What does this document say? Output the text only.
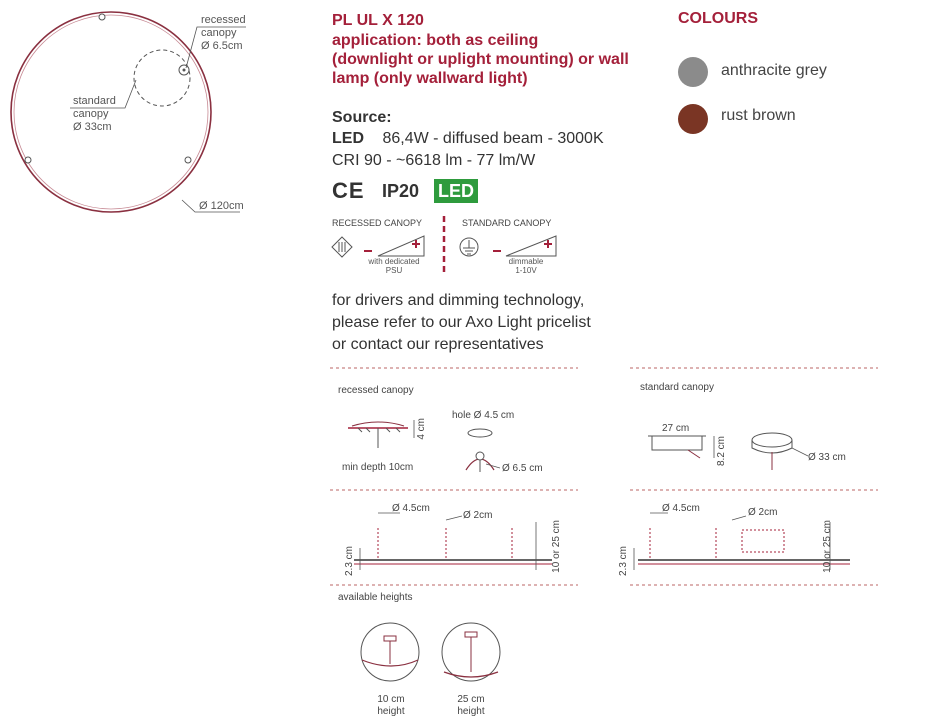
recessed
canopy
Ø 6.5cm
standard
canopy
Ø 33cm
Ø 120cm
PL UL X 120
application: both as ceiling
(downlight or uplight mounting) or wall
lamp (only wallward light)
Source:
LED 86,4W - diffused beam - 3000K
CRI 90 - ~6618 lm - 77 lm/W
CE IP20 LED
RECESSED CANOPY	STANDARD CANOPY
with dedicated
PSU
dimmable
1-10V
for drivers and dimming technology,
please refer to our Axo Light pricelist
or contact our representatives
COLOURS
anthracite grey
rust brown
recessed canopy
hole Ø 4.5 cm
4 cm
min depth 10cm	Ø 6.5 cm
Ø 4.5cm
Ø 2cm
2.3 cm	10 or 25 cm
standard canopy
27 cm
8.2 cm	Ø 33 cm
Ø 4.5cm	Ø 2cm
2.3 cm	10 or 25 cm
available heights
10 cm
height
25 cm
height
